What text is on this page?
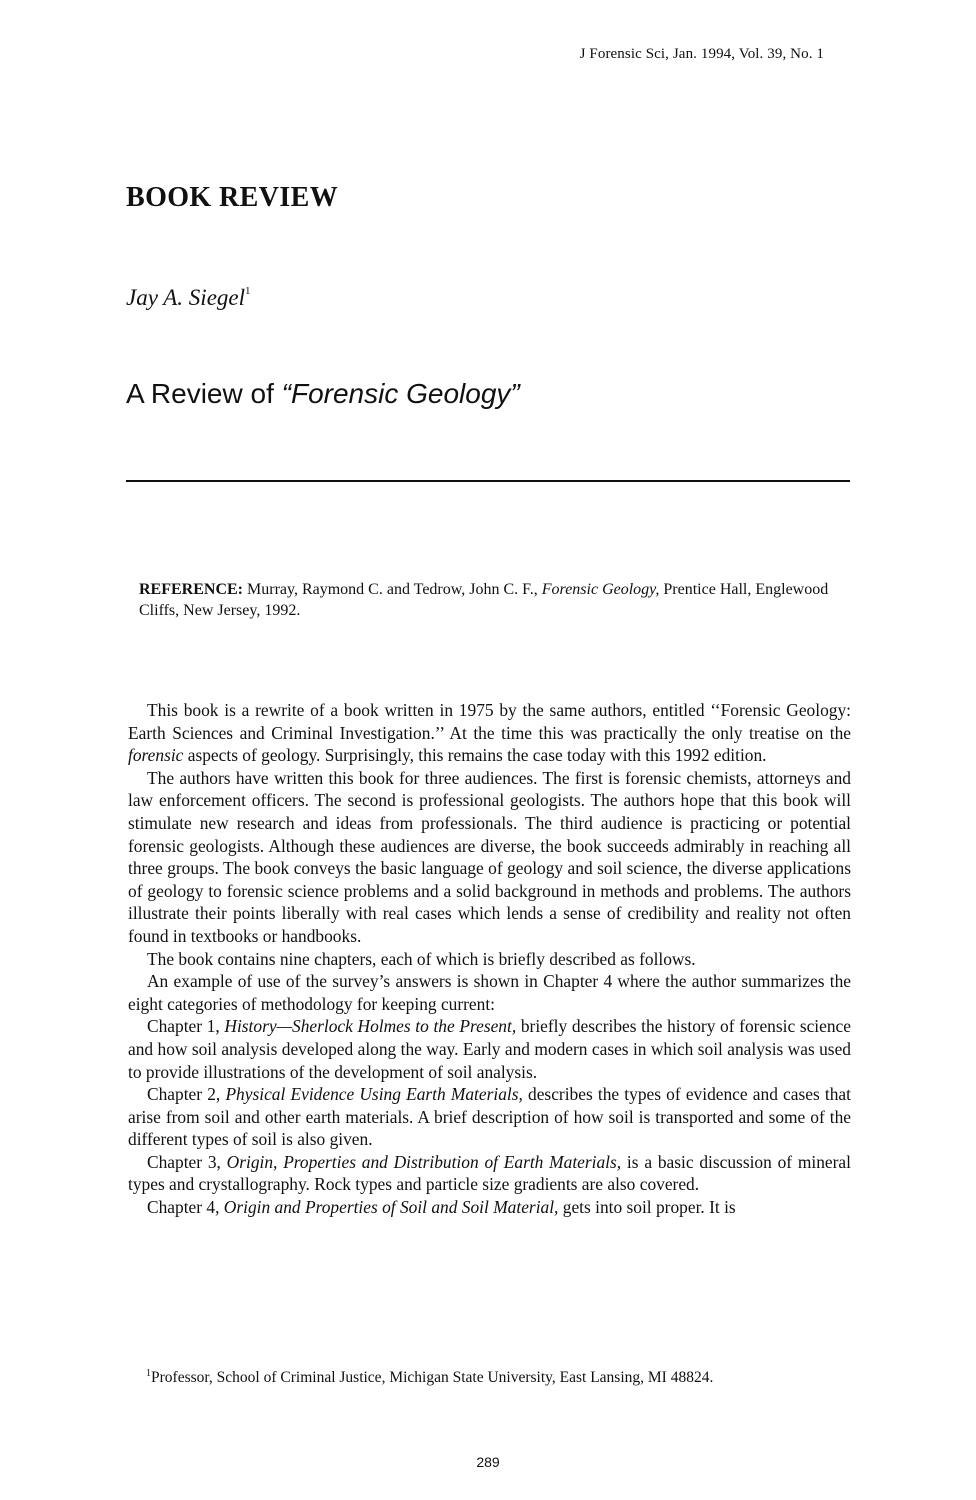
J Forensic Sci, Jan. 1994, Vol. 39, No. 1
BOOK REVIEW
Jay A. Siegel$^1$
A Review of “Forensic Geology”
REFERENCE: Murray, Raymond C. and Tedrow, John C. F., Forensic Geology, Prentice Hall, Englewood Cliffs, New Jersey, 1992.

This book is a rewrite of a book written in 1975 by the same authors, entitled ‘‘Forensic Geology: Earth Sciences and Criminal Investigation.’’ At the time this was practically the only treatise on the forensic aspects of geology. Surprisingly, this remains the case today with this 1992 edition.

The authors have written this book for three audiences. The first is forensic chemists, attorneys and law enforcement officers. The second is professional geologists. The authors hope that this book will stimulate new research and ideas from professionals. The third audience is practicing or potential forensic geologists. Although these audiences are diverse, the book succeeds admirably in reaching all three groups. The book conveys the basic language of geology and soil science, the diverse applications of geology to forensic science problems and a solid background in methods and problems. The authors illustrate their points liberally with real cases which lends a sense of credibility and reality not often found in textbooks or handbooks.

The book contains nine chapters, each of which is briefly described as follows.

An example of use of the survey’s answers is shown in Chapter 4 where the author summarizes the eight categories of methodology for keeping current:

Chapter 1, History—Sherlock Holmes to the Present, briefly describes the history of forensic science and how soil analysis developed along the way. Early and modern cases in which soil analysis was used to provide illustrations of the development of soil analysis.

Chapter 2, Physical Evidence Using Earth Materials, describes the types of evidence and cases that arise from soil and other earth materials. A brief description of how soil is transported and some of the different types of soil is also given.

Chapter 3, Origin, Properties and Distribution of Earth Materials, is a basic discussion of mineral types and crystallography. Rock types and particle size gradients are also covered.

Chapter 4, Origin and Properties of Soil and Soil Material, gets into soil proper. It is

$^1$Professor, School of Criminal Justice, Michigan State University, East Lansing, MI 48824.
289
